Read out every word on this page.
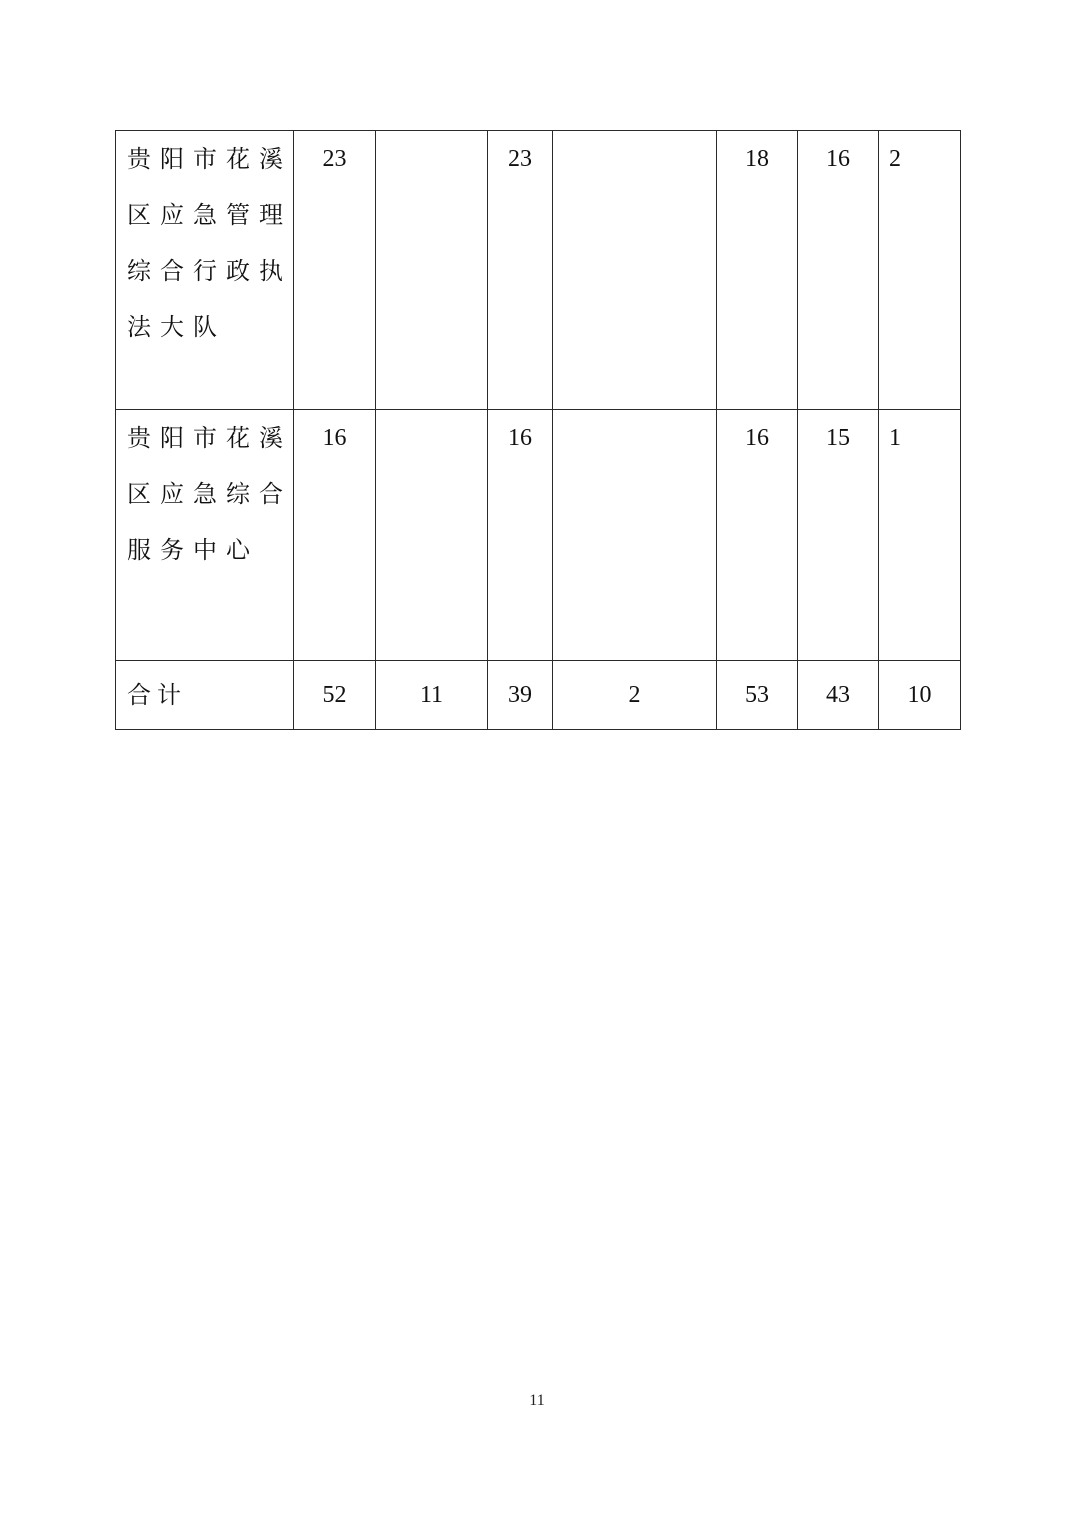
贵阳市花溪区应急管理综合行政执法大队	23		23		18	16	2
贵阳市花溪区应急综合服务中心	16		16		16	15	1
合计	52	11	39	2	53	43	10
11
